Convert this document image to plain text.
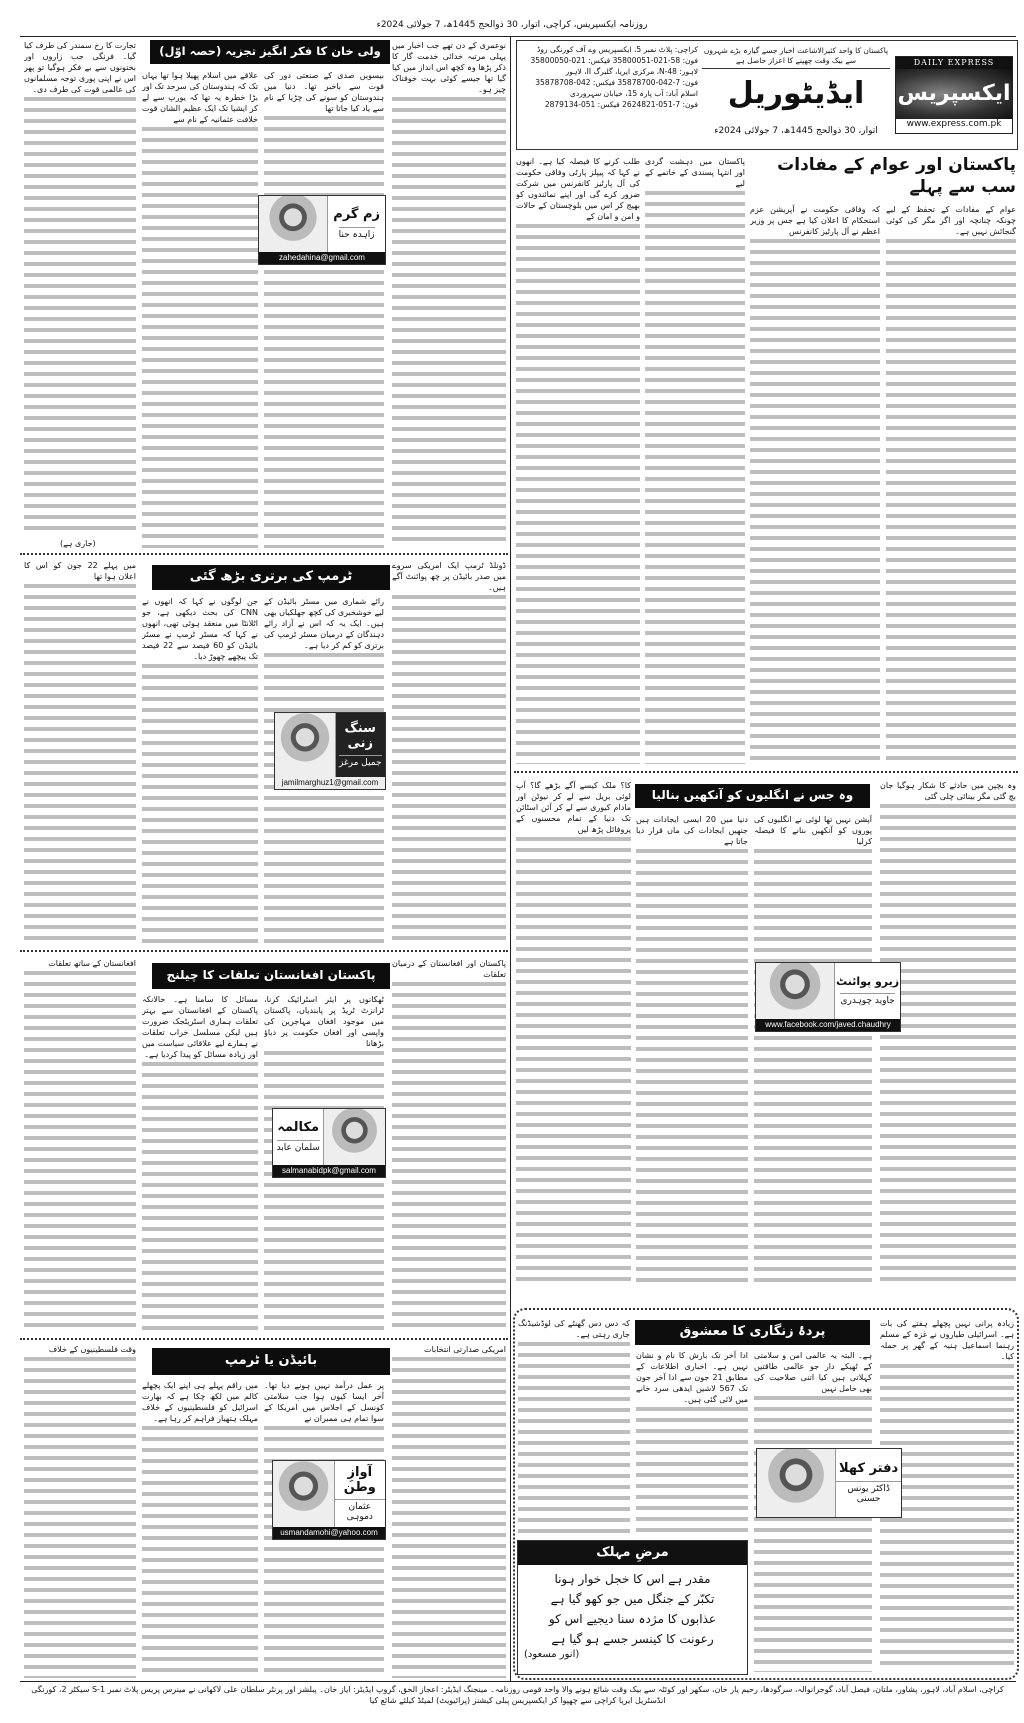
روزنامہ ایکسپریس، کراچی، اتوار، 30 ذوالحج 1445ھ، 7 جولائی 2024ء
DAILY EXPRESS
ایکسپریس
www.express.com.pk
پاکستان کا واحد کثیرالاشاعت اخبار جسے گیارہ بڑے شہروں سے بیک وقت چھپنے کا اعزاز حاصل ہے
ایڈیٹوریل
اتوار، 30 ذوالحج 1445ھ، 7 جولائی 2024ء
کراچی: پلاٹ نمبر 5، ایکسپریس وے آف کورنگی روڈ
فون: 58-021-35800051 فیکس: 021-35800050
لاہور: N-48، مرکزی ایریا، گلبرگ II، لاہور
فون: 7-042-35878700 فیکس: 042-35878708
اسلام آباد: آب پارہ 15، خیابان سہروردی
فون: 7-051-2624821 فیکس: 051-2879134
پاکستان اور عوام کے مفادات سب سے پہلے
طلب کرنے کا فیصلہ کیا ہے۔ انھوں نے کہا کہ پیپلز پارٹی وفاقی حکومت کی آل پارٹیز کانفرنس میں شرکت ضرور کرے گی اور اپنے نمائندوں کو بھیج کر اس میں بلوچستان کے حالات و امن و امان کے
پاکستان میں دہشت گردی اور انتہا پسندی کے خاتمے کے لیے
کہ وفاقی حکومت نے آپریشن عزم استحکام کا اعلان کیا ہے جس پر وزیر اعظم نے آل پارٹیز کانفرنس
عوام کے مفادات کے تحفظ کے لیے چونکہ چنانچہ اور اگر مگر کی کوئی گنجائش نہیں ہے۔
وہ جس نے انگلیوں کو آنکھیں بنالیا
کا؟ ملک کیسے آگے بڑھے گا؟ آپ لوئی بریل سے لے کر نیوٹن اور مادام کیوری سے لے کر آئن اسٹائن تک دنیا کے تمام محسنوں کے پروفائل پڑھ لیں
دنیا میں 20 ایسی ایجادات ہیں جنھیں ایجادات کی ماں قرار دیا جاتا ہے
آپشن نہیں تھا لوئی نے انگلیوں کی پوروں کو آنکھیں بنانے کا فیصلہ کرلیا
وہ بچپن میں حادثے کا شکار ہوگیا جان بچ گئی مگر بینائی چلی گئی
زیرو پوائنٹ
جاوید چوہدری
www.facebook.com/javed.chaudhry
پردۂ زنگاری کا معشوق
کہ دس دس گھنٹے کی لوڈشیڈنگ جاری رہتی ہے۔
ادا آخر تک بارش کا نام و نشان نہیں ہے۔ اخباری اطلاعات کے مطابق 21 جون سے ادا آخر جون تک 567 لاشیں ایدھی سرد خانے میں لائی گئی ہیں۔
ہے۔ البتہ یہ عالمی امن و سلامتی کے ٹھیکے دار جو عالمی طاقتیں کہلاتی ہیں کیا اتنی صلاحیت کی بھی حامل نہیں
زیادہ پرانی نہیں پچھلے ہفتے کی بات ہے۔ اسرائیلی طیاروں نے غزہ کے مسلم رہنما اسماعیل ہنیہ کے گھر پر حملہ کیا۔
دفتر کھلا
ڈاکٹر یونس حسنی
مرضِ مہلک
مقدر ہے اس کا خجل خوار ہونا
تکبّر کے جنگل میں جو کھو گیا ہے
عذابوں کا مژدہ سنا دیجیے اس کو
رعونت کا کینسر جسے ہو گیا ہے
(انور مسعود)
ولی خان کا فکر انگیز تجزیہ (حصہ اوّل)
تجارت کا رخ سمندر کی طرف کیا گیا۔ فرنگی جب زاروں اور بختونوں سے بے فکر ہوگیا تو پھر اس نے اپنی پوری توجہ مسلمانوں کی عالمی قوت کی طرف دی۔
(جاری ہے)
علاقے میں اسلام پھیلا ہوا تھا یہاں تک کہ ہندوستان کی سرحد تک اور بڑا خطرہ یہ تھا کہ یورپ سے لے کر ایشیا تک ایک عظیم الشان قوت خلافت عثمانیہ کے نام سے
بیسویں صدی کے صنعتی دور کی قوت سے باخبر تھا۔ دنیا میں ہندوستان کو سونے کی چڑیا کے نام سے یاد کیا جاتا تھا
نوعمری کے دن تھے جب اخبار میں پہلی مرتبہ خدائی خدمت گار کا ذکر پڑھا وہ کچھ اس انداز میں کیا گیا تھا جیسے کوئی بہت خوفناک چیز ہو۔
زم گرم
زاہدہ حنا
zahedahina@gmail.com
ٹرمپ کی برتری بڑھ گئی
میں پہلے 22 جون کو اس کا اعلان ہوا تھا
جن لوگوں نے کہا کہ انھوں نے CNN کی بحث دیکھی ہے، جو اٹلانٹا میں منعقد ہوئی تھی، انھوں نے کہا کہ مسٹر ٹرمپ نے مسٹر بائیڈن کو 60 فیصد سے 22 فیصد تک پیچھے چھوڑ دیا۔
رائے شماری میں مسٹر بائیڈن کے لیے خوشخبری کی کچھ جھلکیاں بھی ہیں۔ ایک یہ کہ اس نے آزاد رائے دہندگان کے درمیان مسٹر ٹرمپ کی برتری کو کم کر دیا ہے۔
ڈونلڈ ٹرمپ ایک امریکی سروے میں صدر بائیڈن پر چھ پوائنٹ آگے ہیں۔
سنگ زنی
جمیل مرغز
jamilmarghuz1@gmail.com
پاکستان افغانستان تعلقات کا چیلنج
افغانستان کے ساتھ تعلقات
مسائل کا سامنا ہے۔ حالانکہ پاکستان کے افغانستان سے بہتر تعلقات ہماری اسٹریٹجک ضرورت ہیں لیکن مسلسل خراب تعلقات نے ہمارے لیے علاقائی سیاست میں اور زیادہ مسائل کو پیدا کردیا ہے۔
ٹھکانوں پر ایئر اسٹرائیک کرنا، ٹرانزٹ ٹریڈ پر پابندیاں، پاکستان میں موجود افغان مہاجرین کی واپسی اور افغان حکومت پر دباؤ بڑھانا
پاکستان اور افغانستان کے درمیان تعلقات
مکالمہ
سلمان عابد
salmanabidpk@gmail.com
بائیڈن یا ٹرمپ
وقت فلسطینیوں کے خلاف
میں راقم پہلے ہی اپنے ایک پچھلے کالم میں لکھ چکا ہے کہ بھارت اسرائیل کو فلسطینیوں کے خلاف مہلک ہتھیار فراہم کر رہا ہے۔
پر عمل درآمد نہیں ہونے دیا تھا۔ آخر ایسا کیوں ہوا جب سلامتی کونسل کے اجلاس میں امریکا کے سوا تمام ہی ممبران نے
امریکی صدارتی انتخابات
آوازِ وطن
عثمان دموہی
usmandamohi@yahoo.com
کراچی، اسلام آباد، لاہور، پشاور، ملتان، فیصل آباد، گوجرانوالہ، سرگودھا، رحیم یار خان، سکھر اور کوئٹہ سے بیک وقت شائع ہونے والا واحد قومی روزنامہ۔ مینجنگ ایڈیٹر: اعجاز الحق، گروپ ایڈیٹر: ایاز خان۔ پبلشر اور پرنٹر سلطان علی لاکھانی نے مینرس پریس پلاٹ نمبر S-1 سیکٹر 2، کورنگی انڈسٹریل ایریا کراچی سے چھپوا کر ایکسپریس پبلی کیشنز (پرائیویٹ) لمیٹڈ کیلئے شائع کیا
